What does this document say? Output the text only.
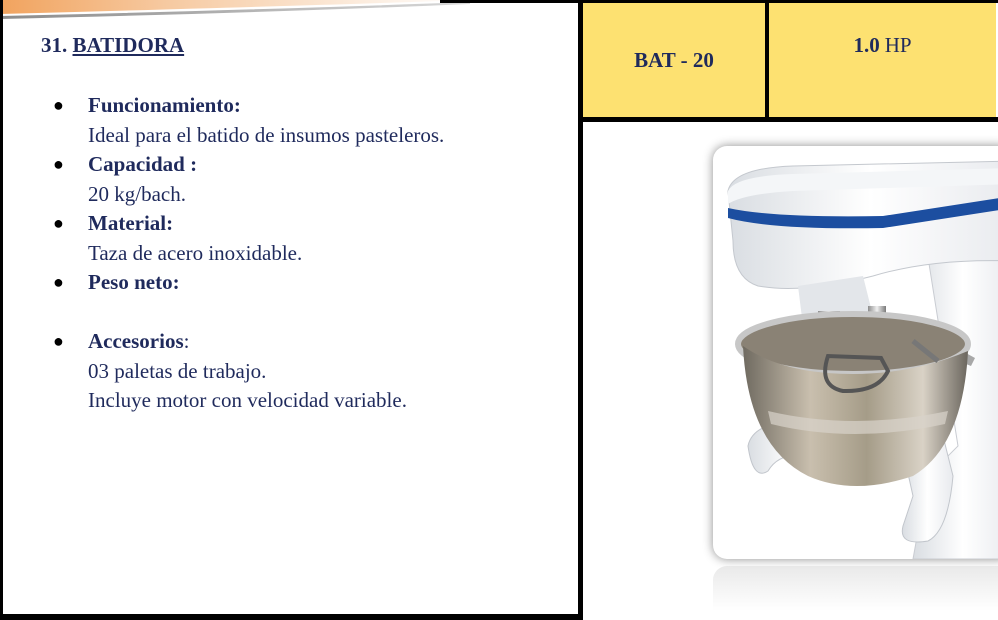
31. BATIDORA
● Funcionamiento:
Ideal para el batido de insumos pasteleros.
● Capacidad :
20 kg/bach.
● Material:
Taza de acero inoxidable.
● Peso neto:
● Accesorios:
03 paletas de trabajo.
Incluye motor con velocidad variable.
BAT - 20
1.0 HP
